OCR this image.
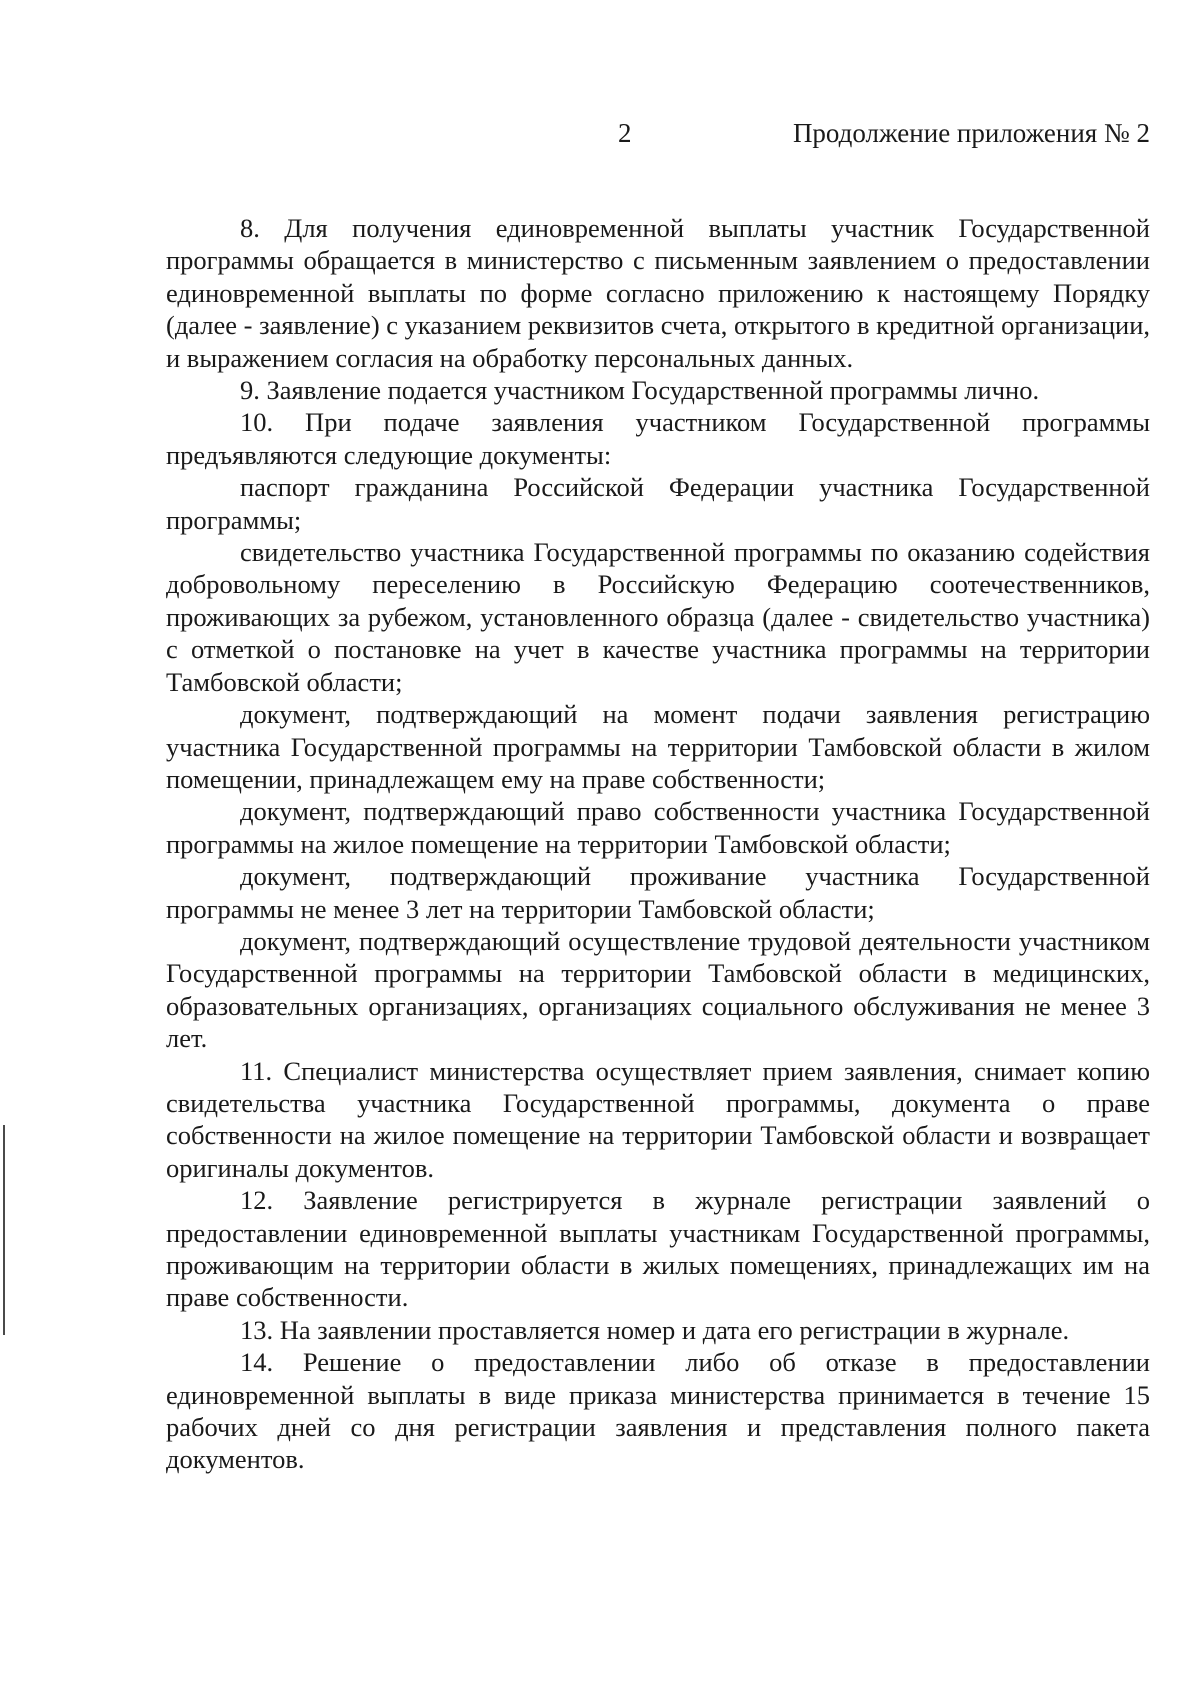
2	Продолжение приложения № 2

8. Для получения единовременной выплаты участник Государственной программы обращается в министерство с письменным заявлением о предоставлении единовременной выплаты по форме согласно приложению к настоящему Порядку (далее - заявление) с указанием реквизитов счета, открытого в кредитной организации, и выражением согласия на обработку персональных данных.

9. Заявление подается участником Государственной программы лично.

10. При подаче заявления участником Государственной программы предъявляются следующие документы:

паспорт гражданина Российской Федерации участника Государственной программы;

свидетельство участника Государственной программы по оказанию содействия добровольному переселению в Российскую Федерацию соотечественников, проживающих за рубежом, установленного образца (далее - свидетельство участника) с отметкой о постановке на учет в качестве участника программы на территории Тамбовской области;

документ, подтверждающий на момент подачи заявления регистрацию участника Государственной программы на территории Тамбовской области в жилом помещении, принадлежащем ему на праве собственности;

документ, подтверждающий право собственности участника Государственной программы на жилое помещение на территории Тамбовской области;

документ, подтверждающий проживание участника Государственной программы не менее 3 лет на территории Тамбовской области;

документ, подтверждающий осуществление трудовой деятельности участником Государственной программы на территории Тамбовской области в медицинских, образовательных организациях, организациях социального обслуживания не менее 3 лет.

11. Специалист министерства осуществляет прием заявления, снимает копию свидетельства участника Государственной программы, документа о праве собственности на жилое помещение на территории Тамбовской области и возвращает оригиналы документов.

12. Заявление регистрируется в журнале регистрации заявлений о предоставлении единовременной выплаты участникам Государственной программы, проживающим на территории области в жилых помещениях, принадлежащих им на праве собственности.

13. На заявлении проставляется номер и дата его регистрации в журнале.

14. Решение о предоставлении либо об отказе в предоставлении единовременной выплаты в виде приказа министерства принимается в течение 15 рабочих дней со дня регистрации заявления и представления полного пакета документов.
